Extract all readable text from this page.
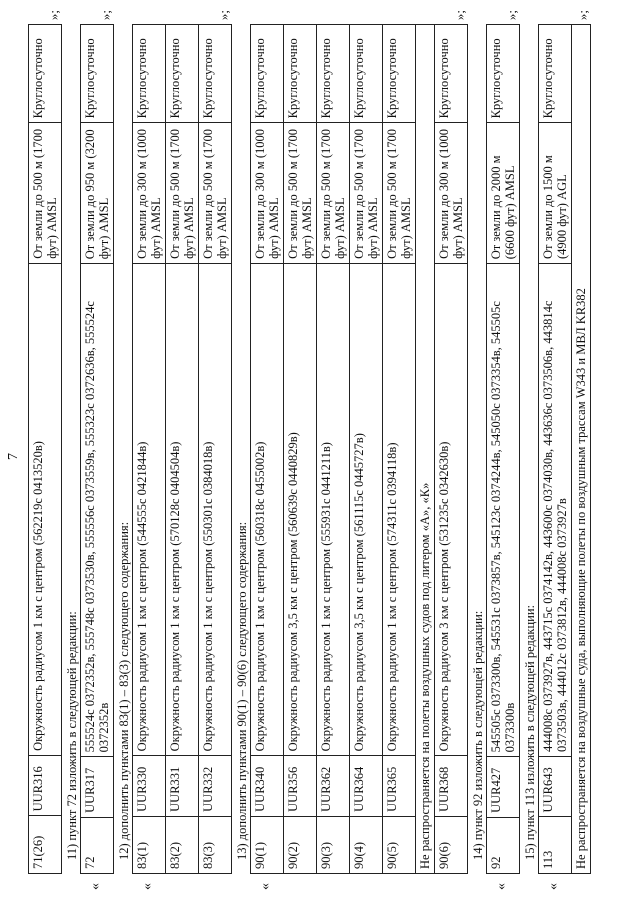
7
71(26)	UUR316	Окружность радиусом 1 км с центром (562219с 0413520в)	От земли до 500 м (1700 фут) AMSL	Круглосуточно
»;
11) пункт 72 изложить в следующей редакции:
«
72	UUR317	555524с 0372352в, 555748с 0373530в, 555556с 0373559в, 555323с 0372636в, 555524с 0372352в	От земли до 950 м (3200 фут) AMSL	Круглосуточно
»;
12) дополнить пунктами 83(1) – 83(3) следующего содержания:
«
83(1)	UUR330	Окружность радиусом 1 км с центром (544555с 0421844в)	От земли до 300 м (1000 фут) AMSL	Круглосуточно
83(2)	UUR331	Окружность радиусом 1 км с центром (570128с 0404504в)	От земли до 500 м (1700 фут) AMSL	Круглосуточно
83(3)	UUR332	Окружность радиусом 1 км с центром (550301с 0384018в)	От земли до 500 м (1700 фут) AMSL	Круглосуточно
»;
13) дополнить пунктами 90(1) – 90(6) следующего содержания:
«
90(1)	UUR340	Окружность радиусом 1 км с центром (560318с 0455002в)	От земли до 300 м (1000 фут) AMSL	Круглосуточно
90(2)	UUR356	Окружность радиусом 3,5 км с центром (560639с 0440829в)	От земли до 500 м (1700 фут) AMSL	Круглосуточно
90(3)	UUR362	Окружность радиусом 1 км с центром (555931с 0441211в)	От земли до 500 м (1700 фут) AMSL	Круглосуточно
90(4)	UUR364	Окружность радиусом 3,5 км с центром (561115с 0445727в)	От земли до 500 м (1700 фут) AMSL	Круглосуточно
90(5)	UUR365	Окружность радиусом 1 км с центром (574311с 0394118в)	От земли до 500 м (1700 фут) AMSL	Круглосуточно
Не распространяется на полеты воздушных судов под литером «А», «К»				
90(6)	UUR368	Окружность радиусом 3 км с центром (531235с 0342630в)	От земли до 300 м (1000 фут) AMSL	Круглосуточно
»;
14) пункт 92 изложить в следующей редакции:
«
92	UUR427	545505с 0373300в, 545531с 0373857в, 545123с 0374244в, 545050с 0373354в, 545505с 0373300в	От земли до 2000 м (6600 фут) AMSL	Круглосуточно
»;
15) пункт 113 изложить в следующей редакции:
«
113	UUR643	444008с 0373927в, 443715с 0374142в, 443600с 0374030в, 443636с 0373506в, 443814с 0373503в, 444012с 0373812в, 444008с 0373927в	От земли до 1500 м (4900 фут) AGL	Круглосуточно
Не распространяется на воздушные суда, выполняющие полеты по воздушным трассам W343 и МВЛ KR382
»;
